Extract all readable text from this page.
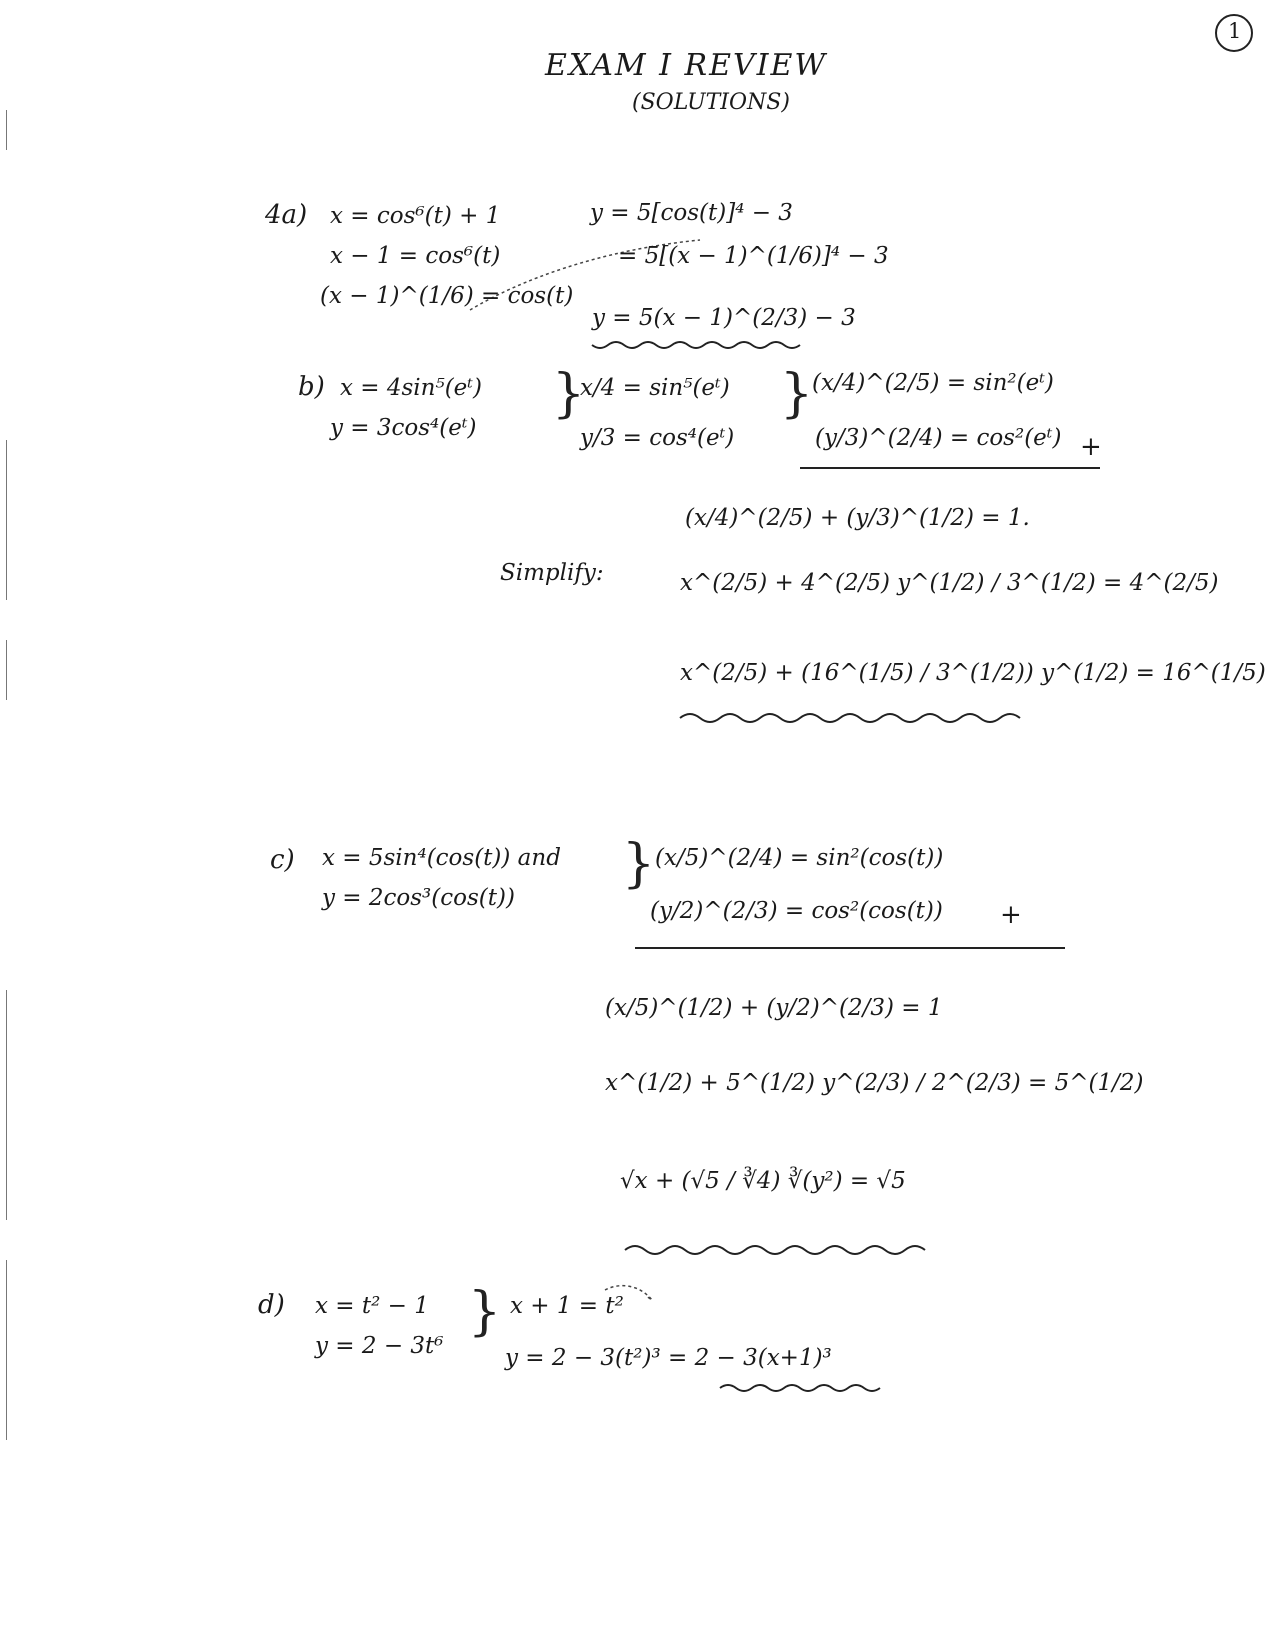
EXAM I REVIEW
(SOLUTIONS)
1
4a) x = cos⁶(t) + 1
x − 1 = cos⁶(t)
(x − 1)^(1/6) = cos(t)
y = 5[cos(t)]⁴ − 3
= 5[(x − 1)^(1/6)]⁴ − 3
y = 5(x − 1)^(2/3) − 3
b) x = 4sin⁵(eᵗ)
y = 3cos⁴(eᵗ)
}
x/4 = sin⁵(eᵗ)
y/3 = cos⁴(eᵗ)
}
(x/4)^(2/5) = sin²(eᵗ)
(y/3)^(2/4) = cos²(eᵗ) +
(x/4)^(2/5) + (y/3)^(1/2) = 1.
Simplify:	x^(2/5) + 4^(2/5) y^(1/2) / 3^(1/2) = 4^(2/5)
x^(2/5) + (16^(1/5) / 3^(1/2)) y^(1/2) = 16^(1/5)
c) x = 5sin⁴(cos(t)) and
y = 2cos³(cos(t))
} (x/5)^(2/4) = sin²(cos(t))
(y/2)^(2/3) = cos²(cos(t)) +
(x/5)^(1/2) + (y/2)^(2/3) = 1
x^(1/2) + 5^(1/2) y^(2/3) / 2^(2/3) = 5^(1/2)
√x + (√5 / ∛4) ∛(y²) = √5
d) x = t² − 1
y = 2 − 3t⁶
} x + 1 = t²
y = 2 − 3(t²)³ = 2 − 3(x+1)³
